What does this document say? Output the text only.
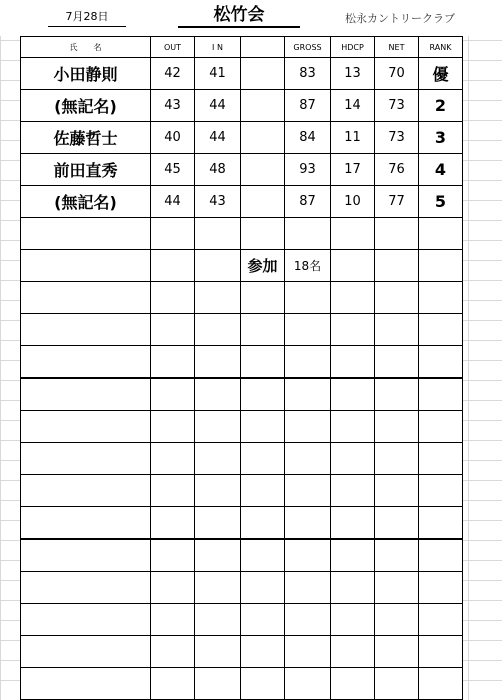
7月28日	松竹会	松永カントリークラブ
氏　　名	OUT	I N		GROSS	HDCP	NET	RANK
小田静則	42	41		83	13	70	優
(無記名)	43	44		87	14	73	2
佐藤哲士	40	44		84	11	73	3
前田直秀	45	48		93	17	76	4
(無記名)	44	43		87	10	77	5

			参加	18名			
